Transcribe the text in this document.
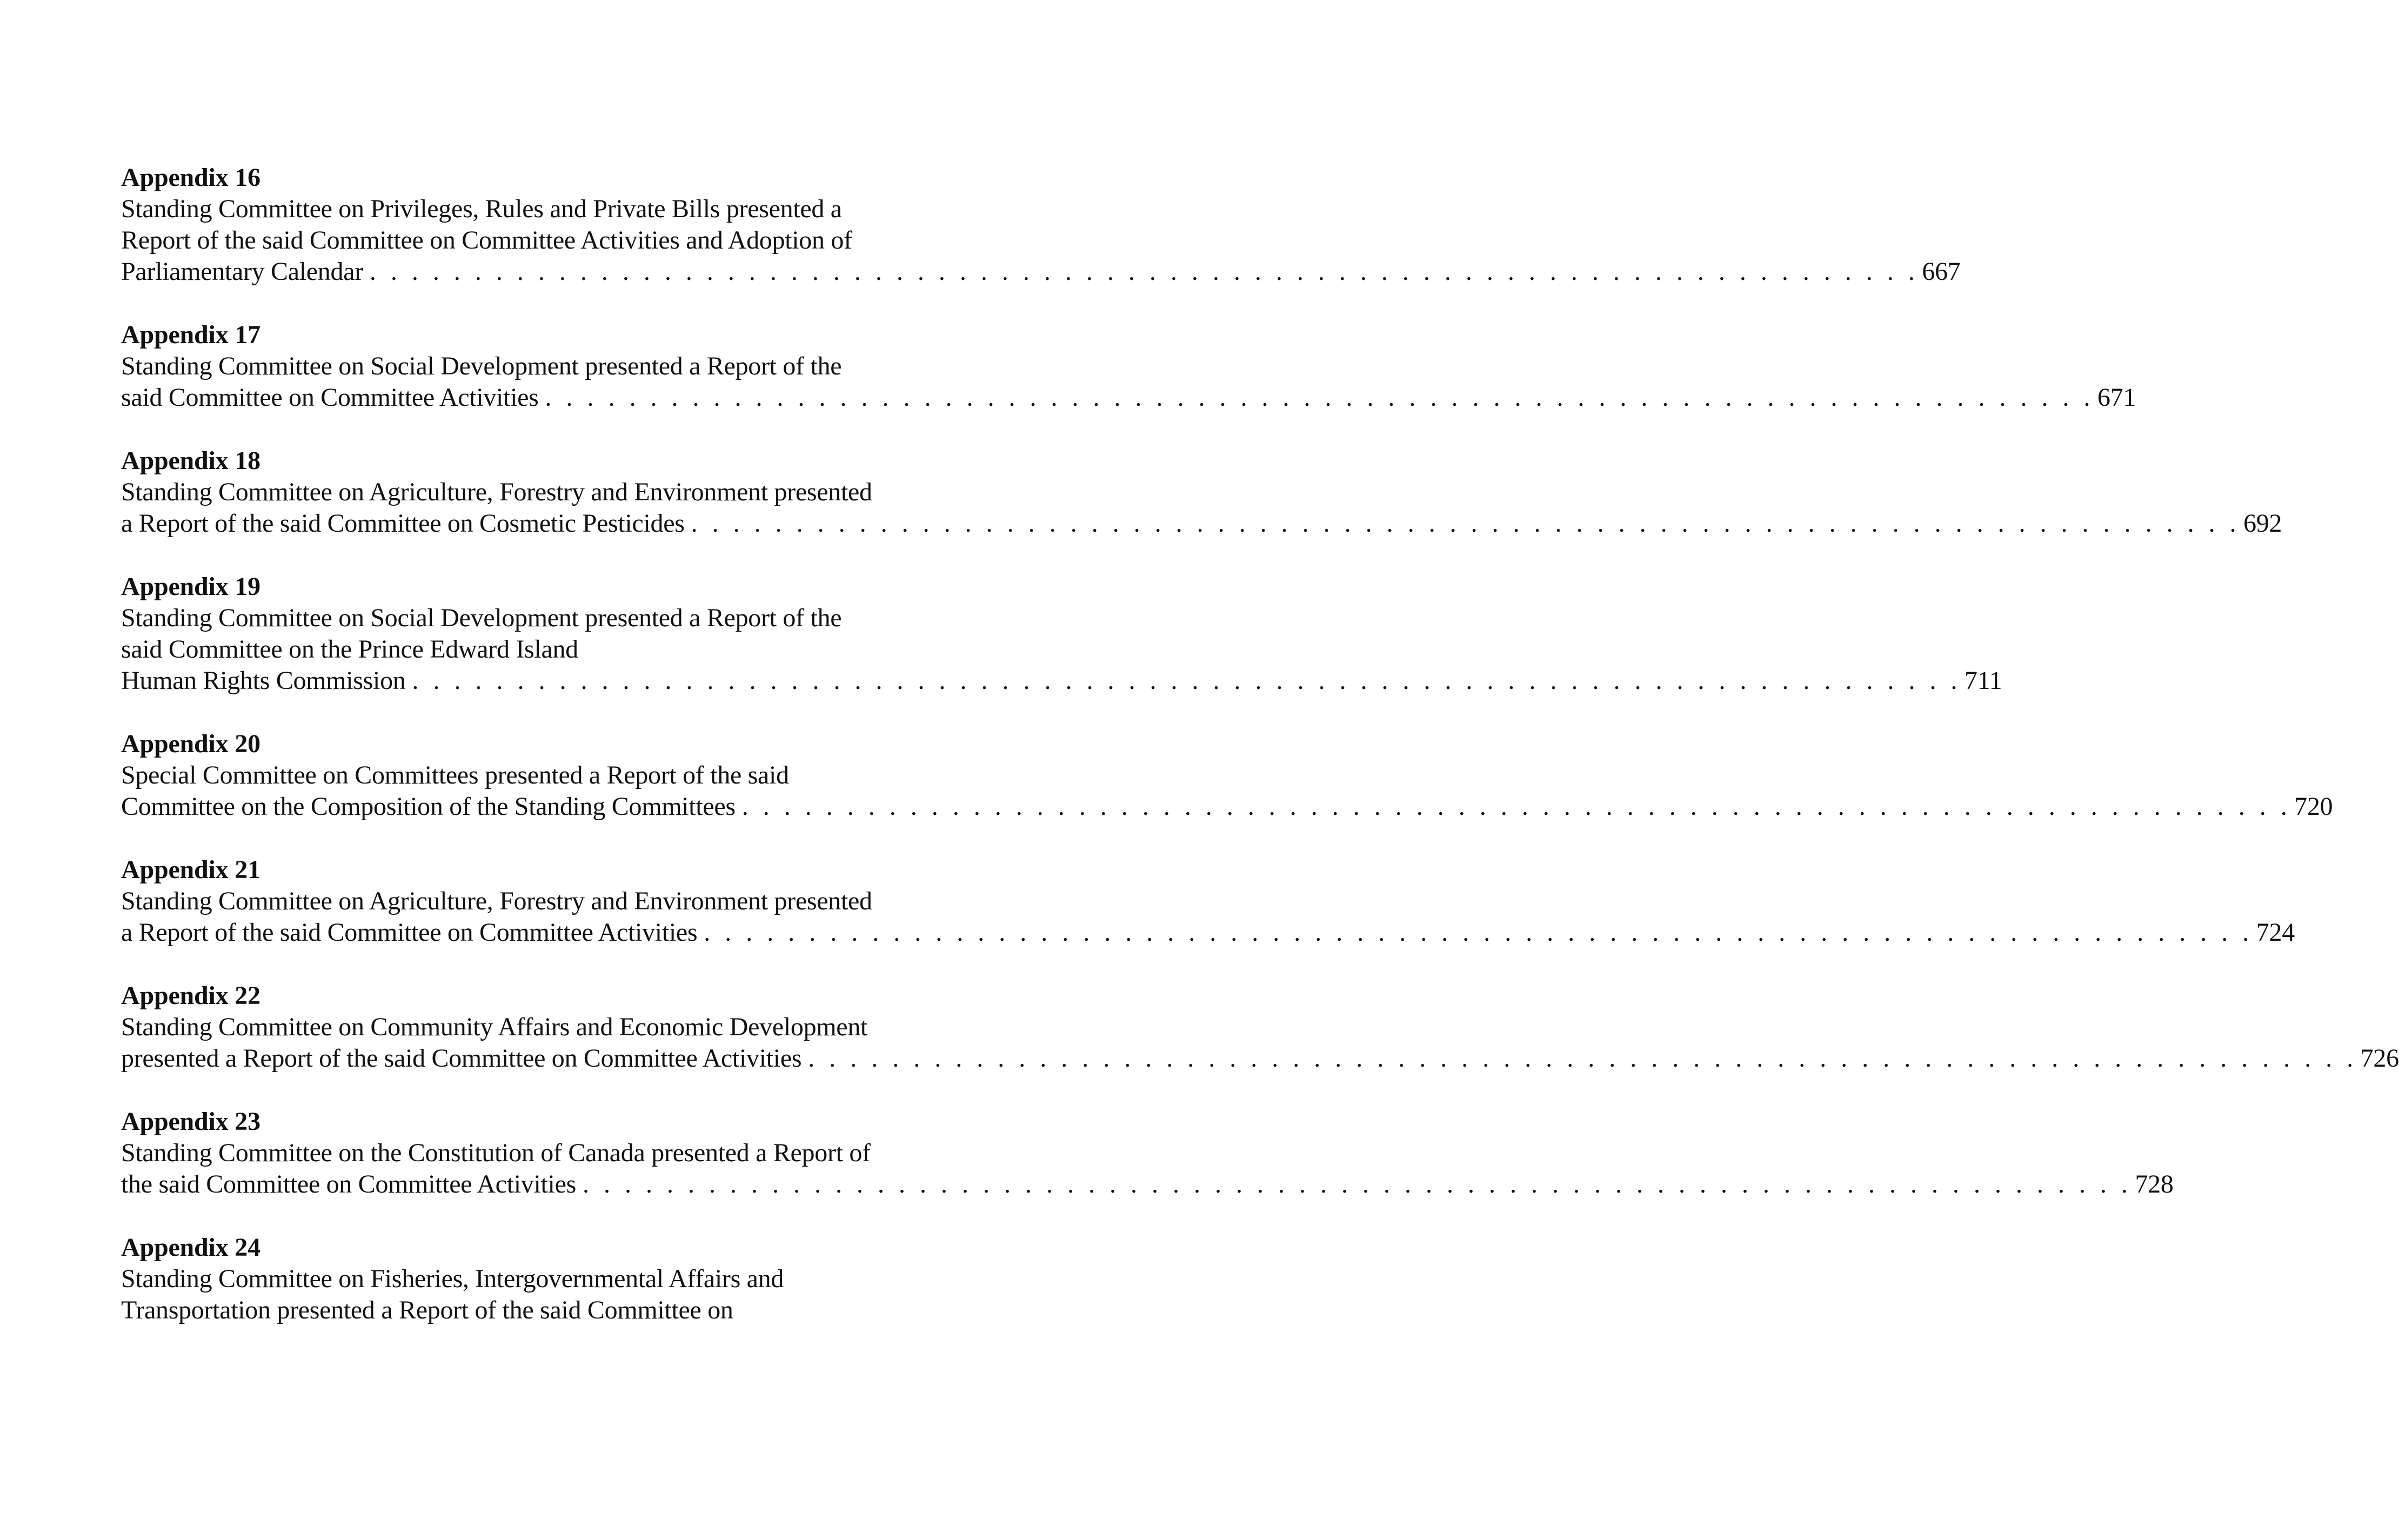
Appendix 16
Standing Committee on Privileges, Rules and Private Bills presented a
Report of the said Committee on Committee Activities and Adoption of
Parliamentary Calendar . . . . . . . . . . . . . . . . . . . . . . . . . . . . . . . . . . . . . . . . . . . . . . . . . . . . . . . . . . . . . . . . . . . . . . . . . . 667
Appendix 17
Standing Committee on Social Development presented a Report of the
said Committee on Committee Activities . . . . . . . . . . . . . . . . . . . . . . . . . . . . . . . . . . . . . . . . . . . . . . . . . . . . . . . . . . . . . . . . . . . . . . . . . . 671
Appendix 18
Standing Committee on Agriculture, Forestry and Environment presented
a Report of the said Committee on Cosmetic Pesticides . . . . . . . . . . . . . . . . . . . . . . . . . . . . . . . . . . . . . . . . . . . . . . . . . . . . . . . . . . . . . . . . . . . . . . . . . . 692
Appendix 19
Standing Committee on Social Development presented a Report of the
said Committee on the Prince Edward Island
Human Rights Commission . . . . . . . . . . . . . . . . . . . . . . . . . . . . . . . . . . . . . . . . . . . . . . . . . . . . . . . . . . . . . . . . . . . . . . . . . . 711
Appendix 20
Special Committee on Committees presented a Report of the said
Committee on the Composition of the Standing Committees . . . . . . . . . . . . . . . . . . . . . . . . . . . . . . . . . . . . . . . . . . . . . . . . . . . . . . . . . . . . . . . . . . . . . . . . . . 720
Appendix 21
Standing Committee on Agriculture, Forestry and Environment presented
a Report of the said Committee on Committee Activities . . . . . . . . . . . . . . . . . . . . . . . . . . . . . . . . . . . . . . . . . . . . . . . . . . . . . . . . . . . . . . . . . . . . . . . . . . 724
Appendix 22
Standing Committee on Community Affairs and Economic Development
presented a Report of the said Committee on Committee Activities . . . . . . . . . . . . . . . . . . . . . . . . . . . . . . . . . . . . . . . . . . . . . . . . . . . . . . . . . . . . . . . . . . . . . . . . . . 726
Appendix 23
Standing Committee on the Constitution of Canada presented a Report of
the said Committee on Committee Activities . . . . . . . . . . . . . . . . . . . . . . . . . . . . . . . . . . . . . . . . . . . . . . . . . . . . . . . . . . . . . . . . . . . . . . . . . . 728
Appendix 24
Standing Committee on Fisheries, Intergovernmental Affairs and
Transportation presented a Report of the said Committee on
